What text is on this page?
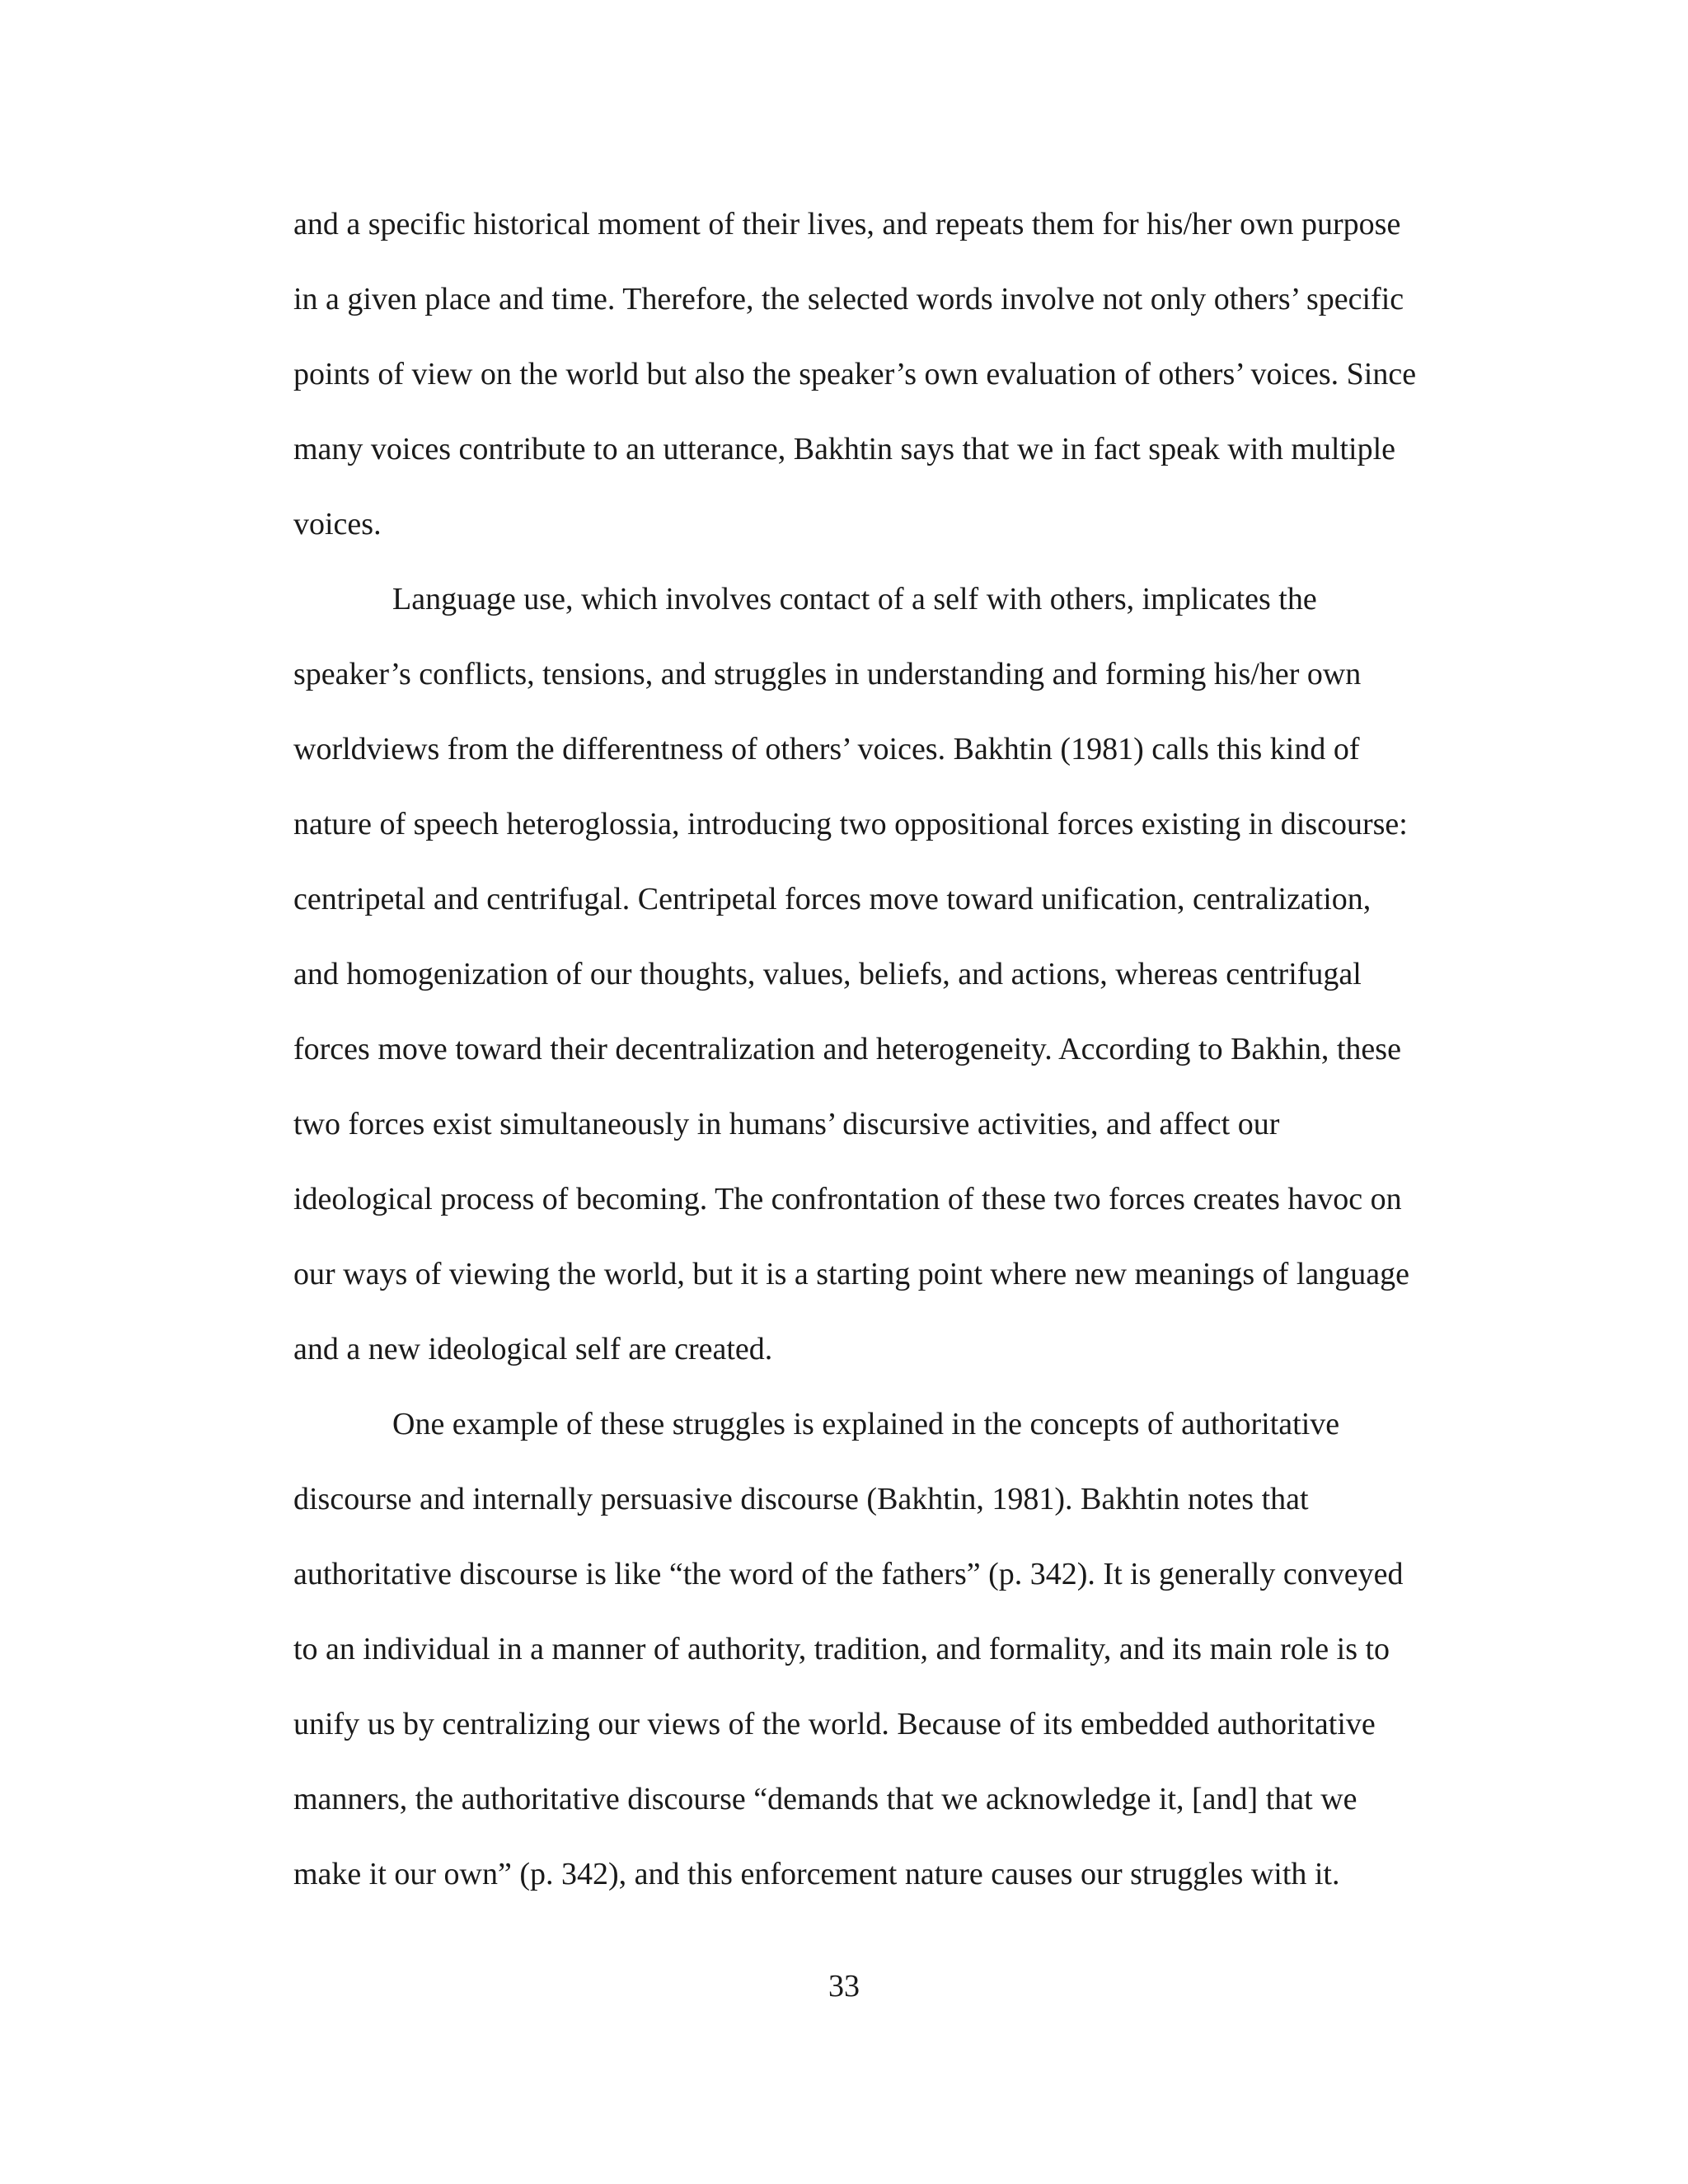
and a specific historical moment of their lives, and repeats them for his/her own purpose
in a given place and time. Therefore, the selected words involve not only others’ specific
points of view on the world but also the speaker’s own evaluation of others’ voices. Since
many voices contribute to an utterance, Bakhtin says that we in fact speak with multiple
voices.
Language use, which involves contact of a self with others, implicates the
speaker’s conflicts, tensions, and struggles in understanding and forming his/her own
worldviews from the differentness of others’ voices. Bakhtin (1981) calls this kind of
nature of speech heteroglossia, introducing two oppositional forces existing in discourse:
centripetal and centrifugal. Centripetal forces move toward unification, centralization,
and homogenization of our thoughts, values, beliefs, and actions, whereas centrifugal
forces move toward their decentralization and heterogeneity. According to Bakhin, these
two forces exist simultaneously in humans’ discursive activities, and affect our
ideological process of becoming. The confrontation of these two forces creates havoc on
our ways of viewing the world, but it is a starting point where new meanings of language
and a new ideological self are created.
One example of these struggles is explained in the concepts of authoritative
discourse and internally persuasive discourse (Bakhtin, 1981). Bakhtin notes that
authoritative discourse is like “the word of the fathers” (p. 342). It is generally conveyed
to an individual in a manner of authority, tradition, and formality, and its main role is to
unify us by centralizing our views of the world. Because of its embedded authoritative
manners, the authoritative discourse “demands that we acknowledge it, [and] that we
make it our own” (p. 342), and this enforcement nature causes our struggles with it.
33
